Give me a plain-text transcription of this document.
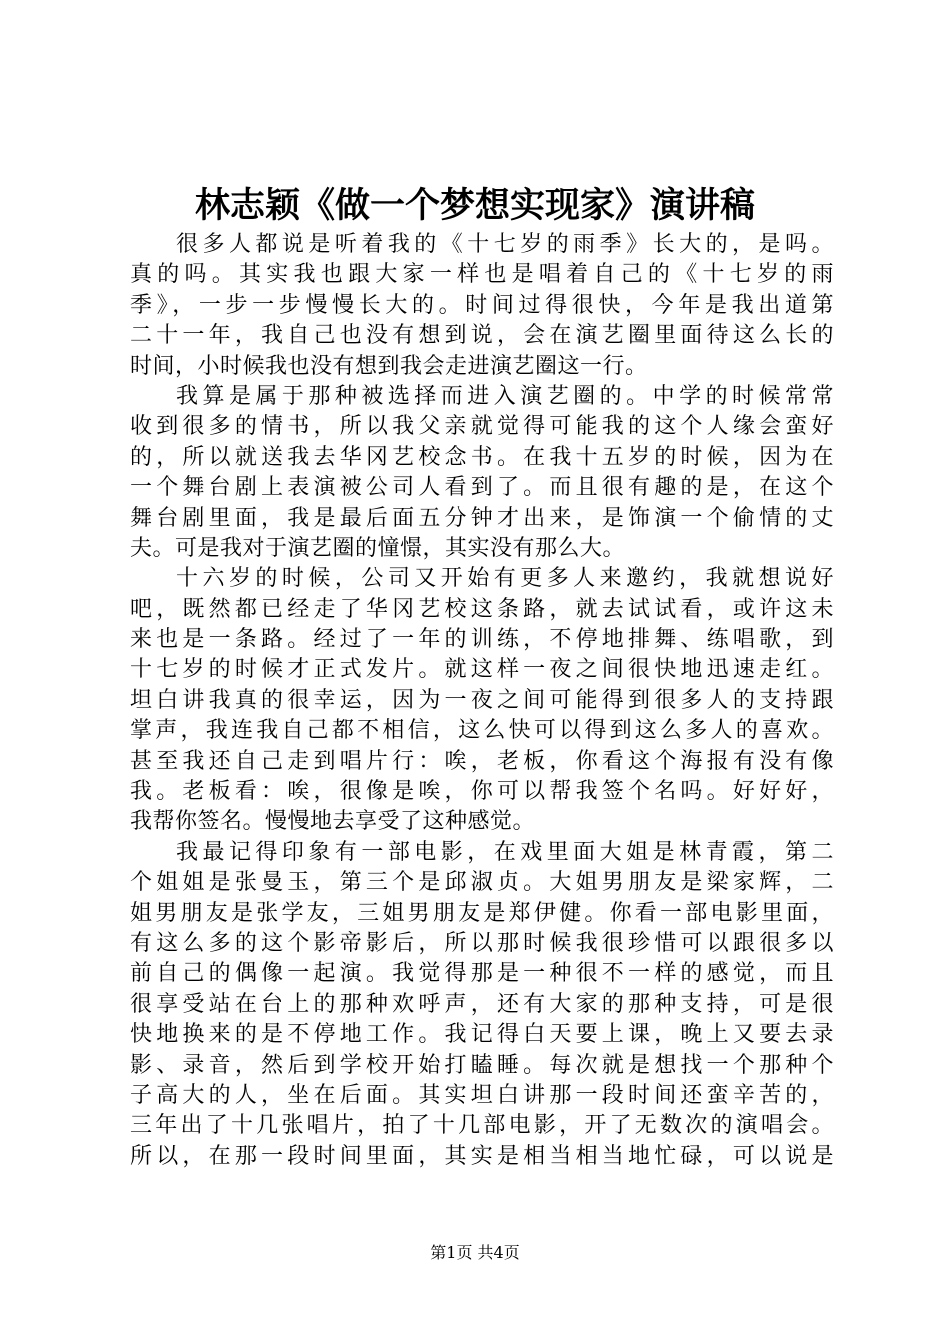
林志颖《做一个梦想实现家》演讲稿
很多人都说是听着我的《十七岁的雨季》长大的，是吗。
真的吗。其实我也跟大家一样也是唱着自己的《十七岁的雨
季》，一步一步慢慢长大的。时间过得很快，今年是我出道第
二十一年，我自己也没有想到说，会在演艺圈里面待这么长的
时间，小时候我也没有想到我会走进演艺圈这一行。
我算是属于那种被选择而进入演艺圈的。中学的时候常常
收到很多的情书，所以我父亲就觉得可能我的这个人缘会蛮好
的，所以就送我去华冈艺校念书。在我十五岁的时候，因为在
一个舞台剧上表演被公司人看到了。而且很有趣的是，在这个
舞台剧里面，我是最后面五分钟才出来，是饰演一个偷情的丈
夫。可是我对于演艺圈的憧憬，其实没有那么大。
十六岁的时候，公司又开始有更多人来邀约，我就想说好
吧，既然都已经走了华冈艺校这条路，就去试试看，或许这未
来也是一条路。经过了一年的训练，不停地排舞、练唱歌，到
十七岁的时候才正式发片。就这样一夜之间很快地迅速走红。
坦白讲我真的很幸运，因为一夜之间可能得到很多人的支持跟
掌声，我连我自己都不相信，这么快可以得到这么多人的喜欢。
甚至我还自己走到唱片行：唉，老板，你看这个海报有没有像
我。老板看：唉，很像是唉，你可以帮我签个名吗。好好好，
我帮你签名。慢慢地去享受了这种感觉。
我最记得印象有一部电影，在戏里面大姐是林青霞，第二
个姐姐是张曼玉，第三个是邱淑贞。大姐男朋友是梁家辉，二
姐男朋友是张学友，三姐男朋友是郑伊健。你看一部电影里面，
有这么多的这个影帝影后，所以那时候我很珍惜可以跟很多以
前自己的偶像一起演。我觉得那是一种很不一样的感觉，而且
很享受站在台上的那种欢呼声，还有大家的那种支持，可是很
快地换来的是不停地工作。我记得白天要上课，晚上又要去录
影、录音，然后到学校开始打瞌睡。每次就是想找一个那种个
子高大的人，坐在后面。其实坦白讲那一段时间还蛮辛苦的，
三年出了十几张唱片，拍了十几部电影，开了无数次的演唱会。
所以，在那一段时间里面，其实是相当相当地忙碌，可以说是
第1页 共4页
